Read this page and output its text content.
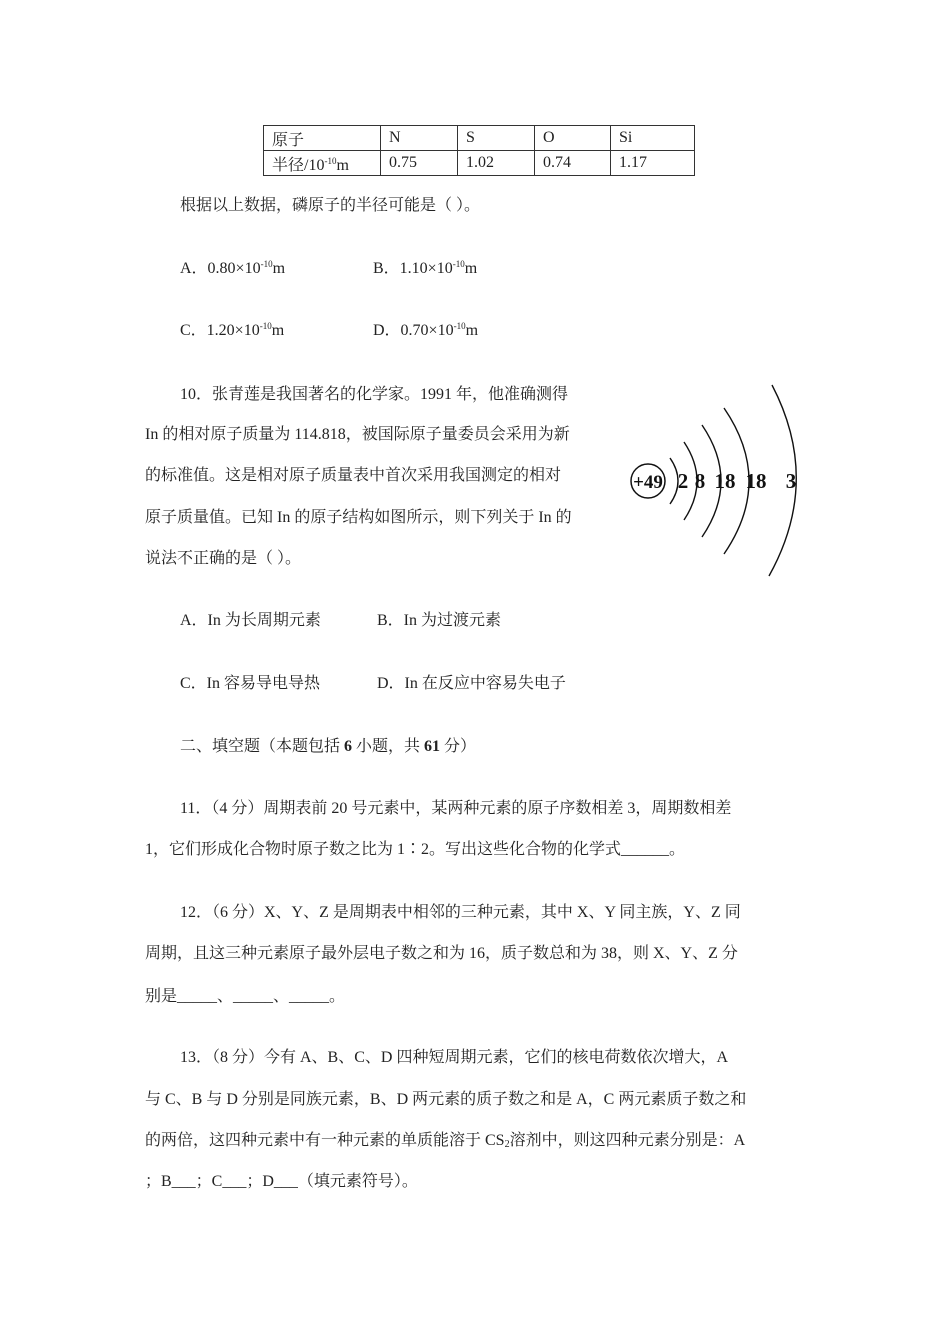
原子	N	S	O	Si
半径$/10^{-10}m$	0.75	1.02	0.74	1.17
根据以上数据，磷原子的半径可能是（ ）。
A．$0.80\times 10^{-10}m$	B．$1.10\times 10^{-10}m$
C．$1.20\times 10^{-10}m$	D．$0.70\times 10^{-10}m$
10．张青莲是我国著名的化学家。1991 年，他准确测得
In 的相对原子质量为 114.818，被国际原子量委员会采用为新
的标准值。这是相对原子质量表中首次采用我国测定的相对
原子质量值。已知 In 的原子结构如图所示，则下列关于 In 的
说法不正确的是（ ）。
+49 2 8 18 18 3
A．In 为长周期元素	B．In 为过渡元素
C．In 容易导电导热	D．In 在反应中容易失电子
二、填空题（本题包括 6 小题，共 61 分）
11．（4 分）周期表前 20 号元素中，某两种元素的原子序数相差 3，周期数相差
1，它们形成化合物时原子数之比为 1∶2。写出这些化合物的化学式______。
12．（6 分）X、Y、Z 是周期表中相邻的三种元素，其中 X、Y 同主族，Y、Z 同
周期，且这三种元素原子最外层电子数之和为 16，质子数总和为 38，则 X、Y、Z 分
别是_____、_____、_____。
13．（8 分）今有 A、B、C、D 四种短周期元素，它们的核电荷数依次增大，A
与 C、B 与 D 分别是同族元素，B、D 两元素的质子数之和是 A，C 两元素质子数之和
的两倍，这四种元素中有一种元素的单质能溶于 $CS_2$溶剂中，则这四种元素分别是：A
；B___；C___；D___（填元素符号）。
